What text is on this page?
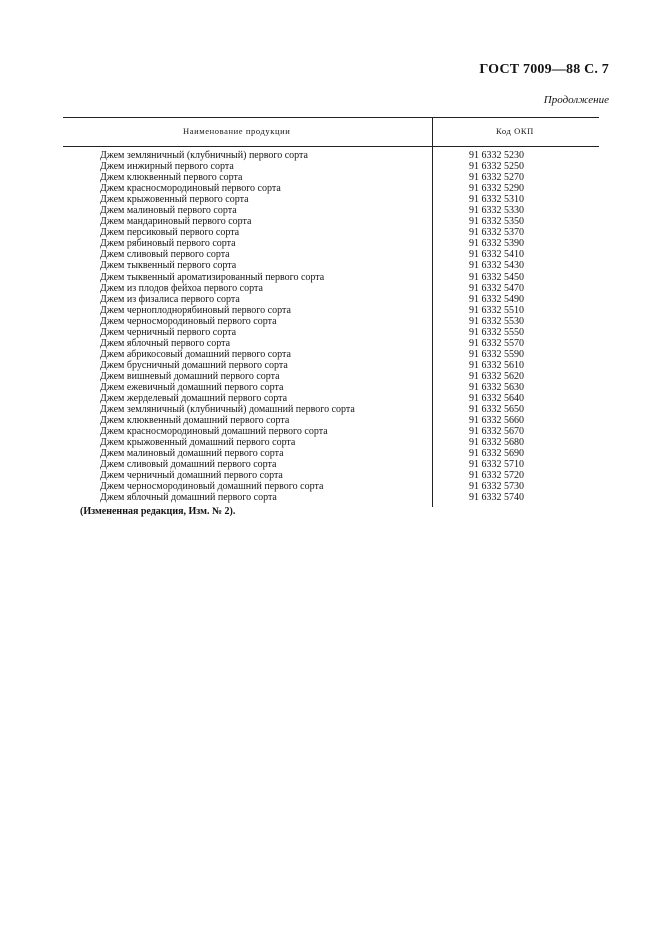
ГОСТ 7009—88 С. 7
Продолжение
Наименование продукции	Код ОКП
Джем земляничный (клубничный) первого сорта	91 6332 5230
Джем инжирный первого сорта	91 6332 5250
Джем клюквенный первого сорта	91 6332 5270
Джем красносмородиновый первого сорта	91 6332 5290
Джем крыжовенный первого сорта	91 6332 5310
Джем малиновый первого сорта	91 6332 5330
Джем мандариновый первого сорта	91 6332 5350
Джем персиковый первого сорта	91 6332 5370
Джем рябиновый первого сорта	91 6332 5390
Джем сливовый первого сорта	91 6332 5410
Джем тыквенный первого сорта	91 6332 5430
Джем тыквенный ароматизированный первого сорта	91 6332 5450
Джем из плодов фейхоа первого сорта	91 6332 5470
Джем из физалиса первого сорта	91 6332 5490
Джем черноплоднорябиновый первого сорта	91 6332 5510
Джем черносмородиновый первого сорта	91 6332 5530
Джем черничный первого сорта	91 6332 5550
Джем яблочный первого сорта	91 6332 5570
Джем абрикосовый домашний первого сорта	91 6332 5590
Джем брусничный домашний первого сорта	91 6332 5610
Джем вишневый домашний первого сорта	91 6332 5620
Джем ежевичный домашний первого сорта	91 6332 5630
Джем жерделевый домашний первого сорта	91 6332 5640
Джем земляничный (клубничный) домашний первого сорта	91 6332 5650
Джем клюквенный домашний первого сорта	91 6332 5660
Джем красносмородиновый домашний первого сорта	91 6332 5670
Джем крыжовенный домашний первого сорта	91 6332 5680
Джем малиновый домашний первого сорта	91 6332 5690
Джем сливовый домашний первого сорта	91 6332 5710
Джем черничный домашний первого сорта	91 6332 5720
Джем черносмородиновый домашний первого сорта	91 6332 5730
Джем яблочный домашний первого сорта	91 6332 5740
(Измененная редакция, Изм. № 2).
